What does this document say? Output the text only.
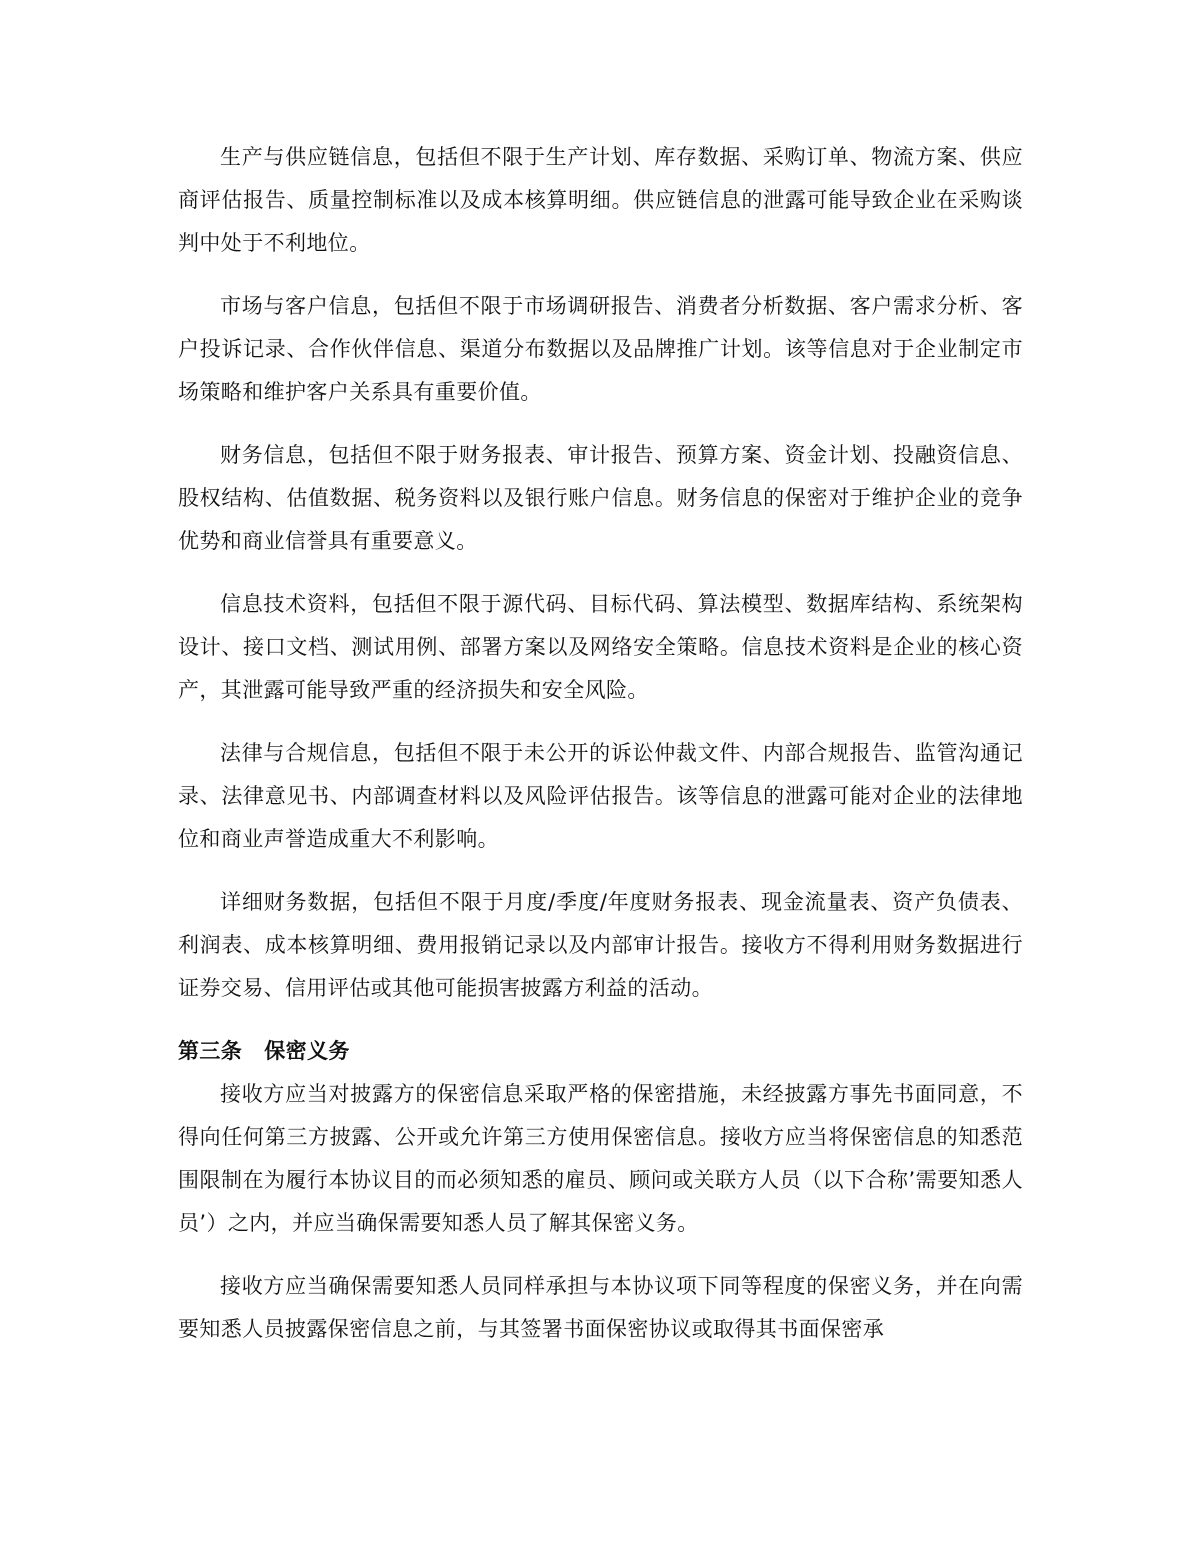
生产与供应链信息，包括但不限于生产计划、库存数据、采购订单、物流方案、供应商评估报告、质量控制标准以及成本核算明细。供应链信息的泄露可能导致企业在采购谈判中处于不利地位。

市场与客户信息，包括但不限于市场调研报告、消费者分析数据、客户需求分析、客户投诉记录、合作伙伴信息、渠道分布数据以及品牌推广计划。该等信息对于企业制定市场策略和维护客户关系具有重要价值。

财务信息，包括但不限于财务报表、审计报告、预算方案、资金计划、投融资信息、股权结构、估值数据、税务资料以及银行账户信息。财务信息的保密对于维护企业的竞争优势和商业信誉具有重要意义。

信息技术资料，包括但不限于源代码、目标代码、算法模型、数据库结构、系统架构设计、接口文档、测试用例、部署方案以及网络安全策略。信息技术资料是企业的核心资产，其泄露可能导致严重的经济损失和安全风险。

法律与合规信息，包括但不限于未公开的诉讼仲裁文件、内部合规报告、监管沟通记录、法律意见书、内部调查材料以及风险评估报告。该等信息的泄露可能对企业的法律地位和商业声誉造成重大不利影响。

详细财务数据，包括但不限于月度/季度/年度财务报表、现金流量表、资产负债表、利润表、成本核算明细、费用报销记录以及内部审计报告。接收方不得利用财务数据进行证券交易、信用评估或其他可能损害披露方利益的活动。

第三条 保密义务

接收方应当对披露方的保密信息采取严格的保密措施，未经披露方事先书面同意，不得向任何第三方披露、公开或允许第三方使用保密信息。接收方应当将保密信息的知悉范围限制在为履行本协议目的而必须知悉的雇员、顾问或关联方人员（以下合称’需要知悉人员’）之内，并应当确保需要知悉人员了解其保密义务。

接收方应当确保需要知悉人员同样承担与本协议项下同等程度的保密义务，并在向需要知悉人员披露保密信息之前，与其签署书面保密协议或取得其书面保密承
